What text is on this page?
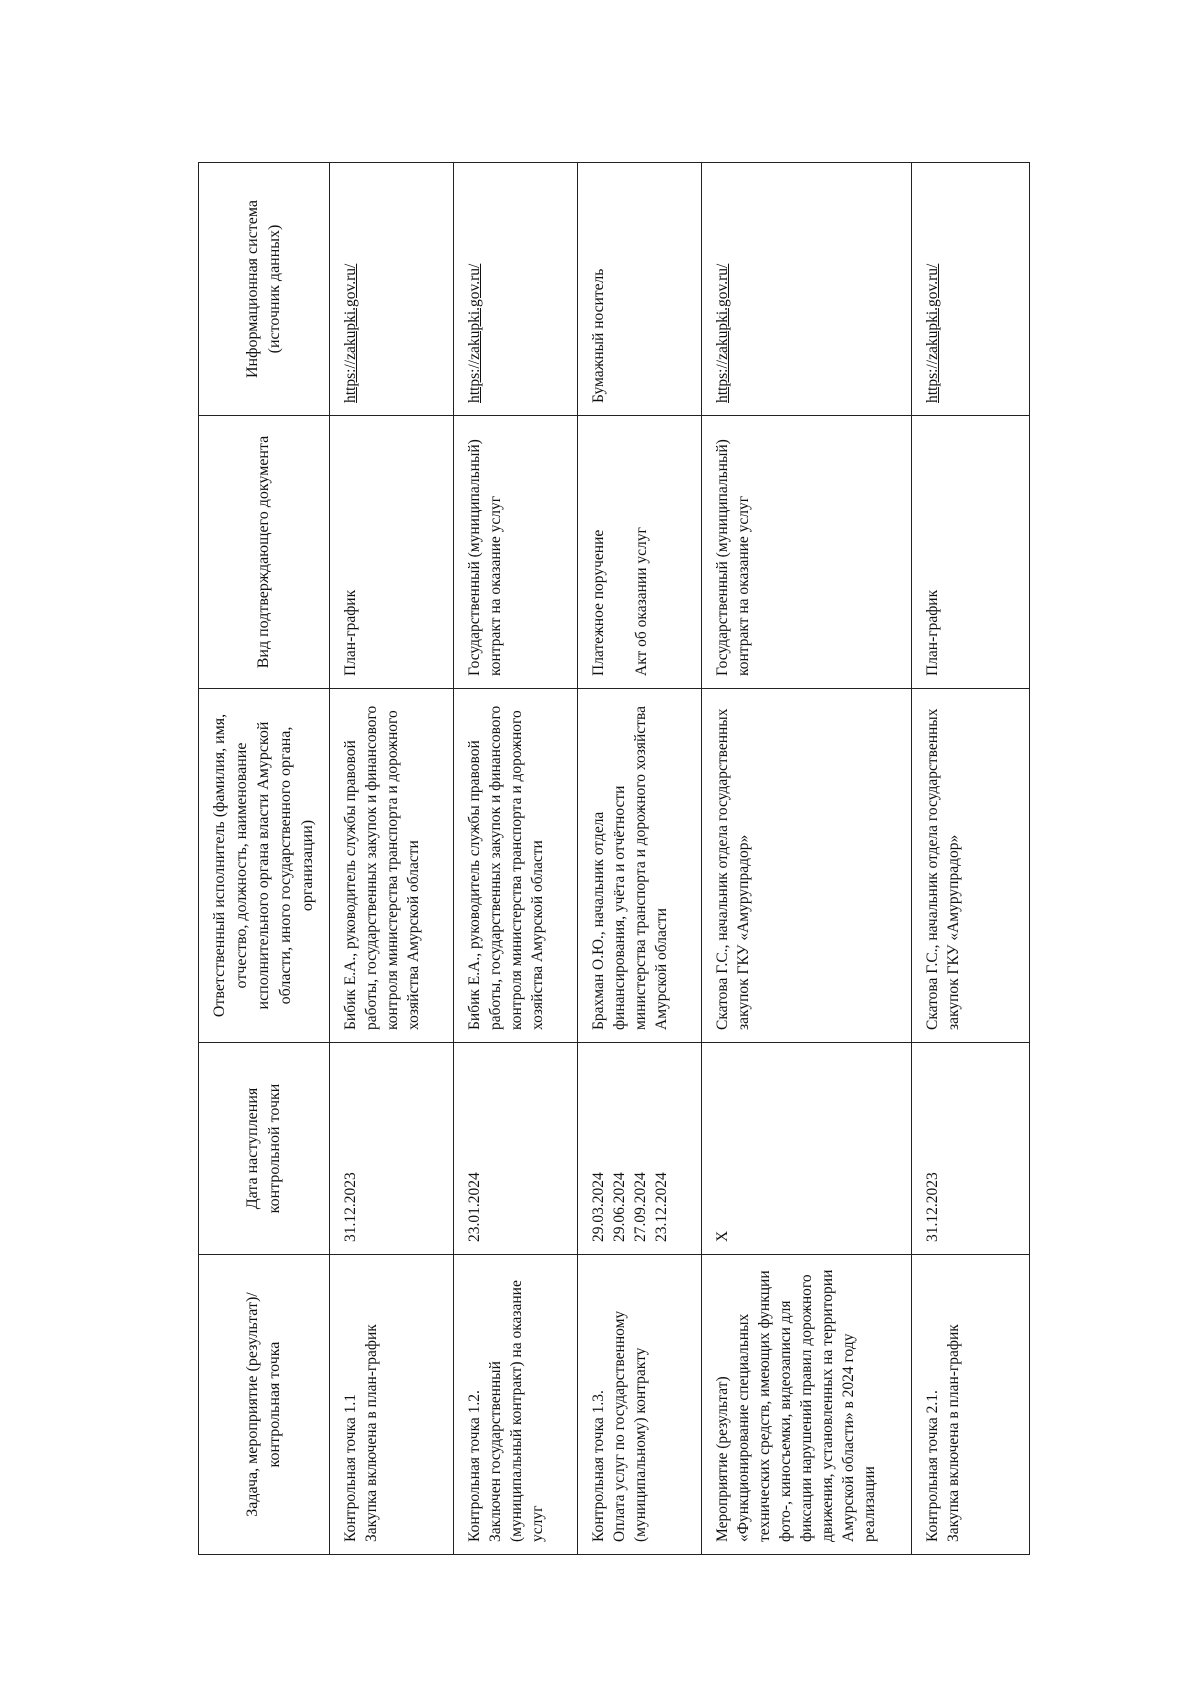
Задача, мероприятие (результат)/контрольная точка	Дата наступления контрольной точки	Ответственный исполнитель (фамилия, имя, отчество, должность, наименование исполнительного органа власти Амурской области, иного государственного органа, организации)	Вид подтверждающего документа	Информационная система (источник данных)
Контрольная точка 1.1 Закупка включена в план-график	31.12.2023	Бибик Е.А., руководитель службы правовой работы, государственных закупок и финансового контроля министерства транспорта и дорожного хозяйства Амурской области	План-график	https://zakupki.gov.ru/
Контрольная точка 1.2. Заключен государственный (муниципальный контракт) на оказание услуг	23.01.2024	Бибик Е.А., руководитель службы правовой работы, государственных закупок и финансового контроля министерства транспорта и дорожного хозяйства Амурской области	Государственный (муниципальный) контракт на оказание услуг	https://zakupki.gov.ru/
Контрольная точка 1.3. Оплата услуг по государственному (муниципальному) контракту	29.03.2024 29.06.2024 27.09.2024 23.12.2024	Брахман О.Ю., начальник отдела финансирования, учёта и отчётности министерства транспорта и дорожного хозяйства Амурской области	Платежное поручение Акт об оказании услуг	Бумажный носитель
Мероприятие (результат) «Функционирование специальных технических средств, имеющих функции фото-, киносъемки, видеозаписи для фиксации нарушений правил дорожного движения, установленных на территории Амурской области» в 2024 году реализации	X	Скатова Г.С., начальник отдела государственных закупок ГКУ «Амурупрадор»	Государственный (муниципальный) контракт на оказание услуг	https://zakupki.gov.ru/
Контрольная точка 2.1. Закупка включена в план-график	31.12.2023	Скатова Г.С., начальник отдела государственных закупок ГКУ «Амурупрадор»	План-график	https://zakupki.gov.ru/
